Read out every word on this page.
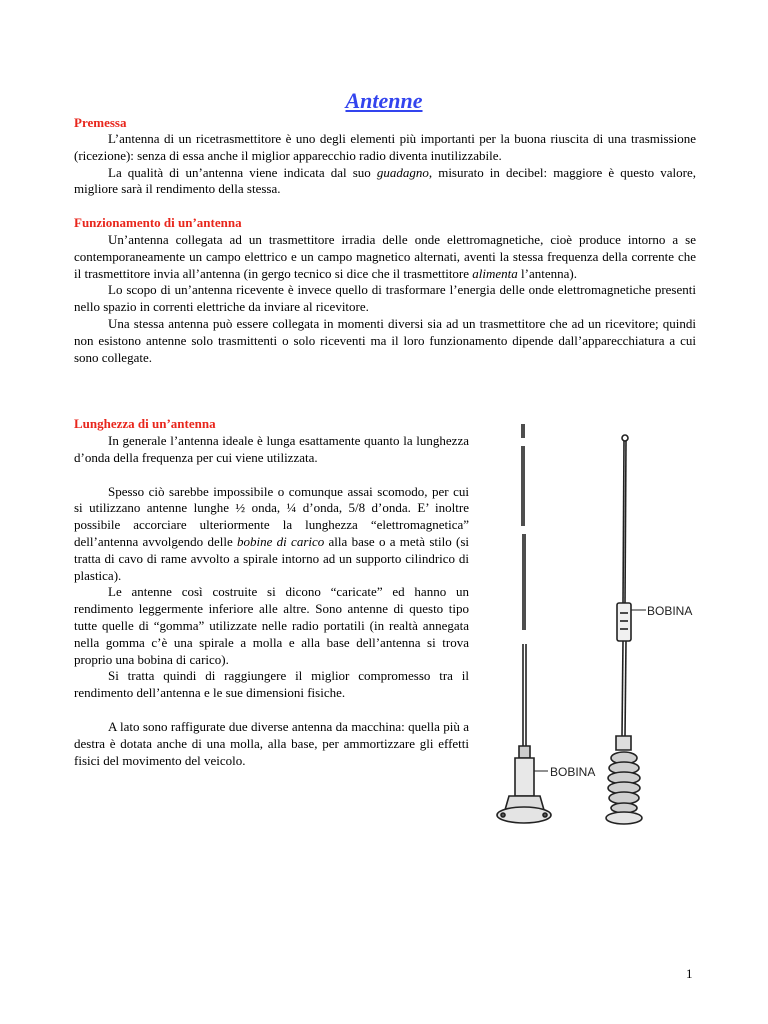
Antenne
Premessa

L’antenna di un ricetrasmettitore è uno degli elementi più importanti per la buona riuscita di una trasmissione (ricezione): senza di essa anche il miglior apparecchio radio diventa inutilizzabile.

La qualità di un’antenna viene indicata dal suo guadagno, misurato in decibel: maggiore è questo valore, migliore sarà il rendimento della stessa.

Funzionamento di un’antenna

Un’antenna collegata ad un trasmettitore irradia delle onde elettromagnetiche, cioè produce intorno a se contemporaneamente un campo elettrico e un campo magnetico alternati, aventi la stessa frequenza della corrente che il trasmettitore invia all’antenna (in gergo tecnico si dice che il trasmettitore alimenta l’antenna).

Lo scopo di un’antenna ricevente è invece quello di trasformare l’energia delle onde elettromagnetiche presenti nello spazio in correnti elettriche da inviare al ricevitore.

Una stessa antenna può essere collegata in momenti diversi sia ad un trasmettitore che ad un ricevitore; quindi non esistono antenne solo trasmittenti o solo riceventi ma il loro funzionamento dipende dall’apparecchiatura a cui sono collegate.

Lunghezza di un’antenna

In generale l’antenna ideale è lunga esattamente quanto la lunghezza d’onda della frequenza per cui viene utilizzata.

Spesso ciò sarebbe impossibile o comunque assai scomodo, per cui si utilizzano antenne lunghe ½ onda, ¼ d’onda, 5/8 d’onda. E’ inoltre possibile accorciare ulteriormente la lunghezza “elettromagnetica” dell’antenna avvolgendo delle bobine di carico alla base o a metà stilo (si tratta di cavo di rame avvolto a spirale intorno ad un supporto cilindrico di plastica).

Le antenne così costruite si dicono “caricate” ed hanno un rendimento leggermente inferiore alle altre. Sono antenne di questo tipo tutte quelle di “gomma” utilizzate nelle radio portatili (in realtà annegata nella gomma c’è una spirale a molla e alla base dell’antenna si trova proprio una bobina di carico).

Si tratta quindi di raggiungere il miglior compromesso tra il rendimento dell’antenna e le sue dimensioni fisiche.

A lato sono raffigurate due diverse antenna da macchina: quella più a destra è dotata anche di una molla, alla base, per ammortizzare gli effetti fisici del movimento del veicolo.

BOBINA
BOBINA
1
